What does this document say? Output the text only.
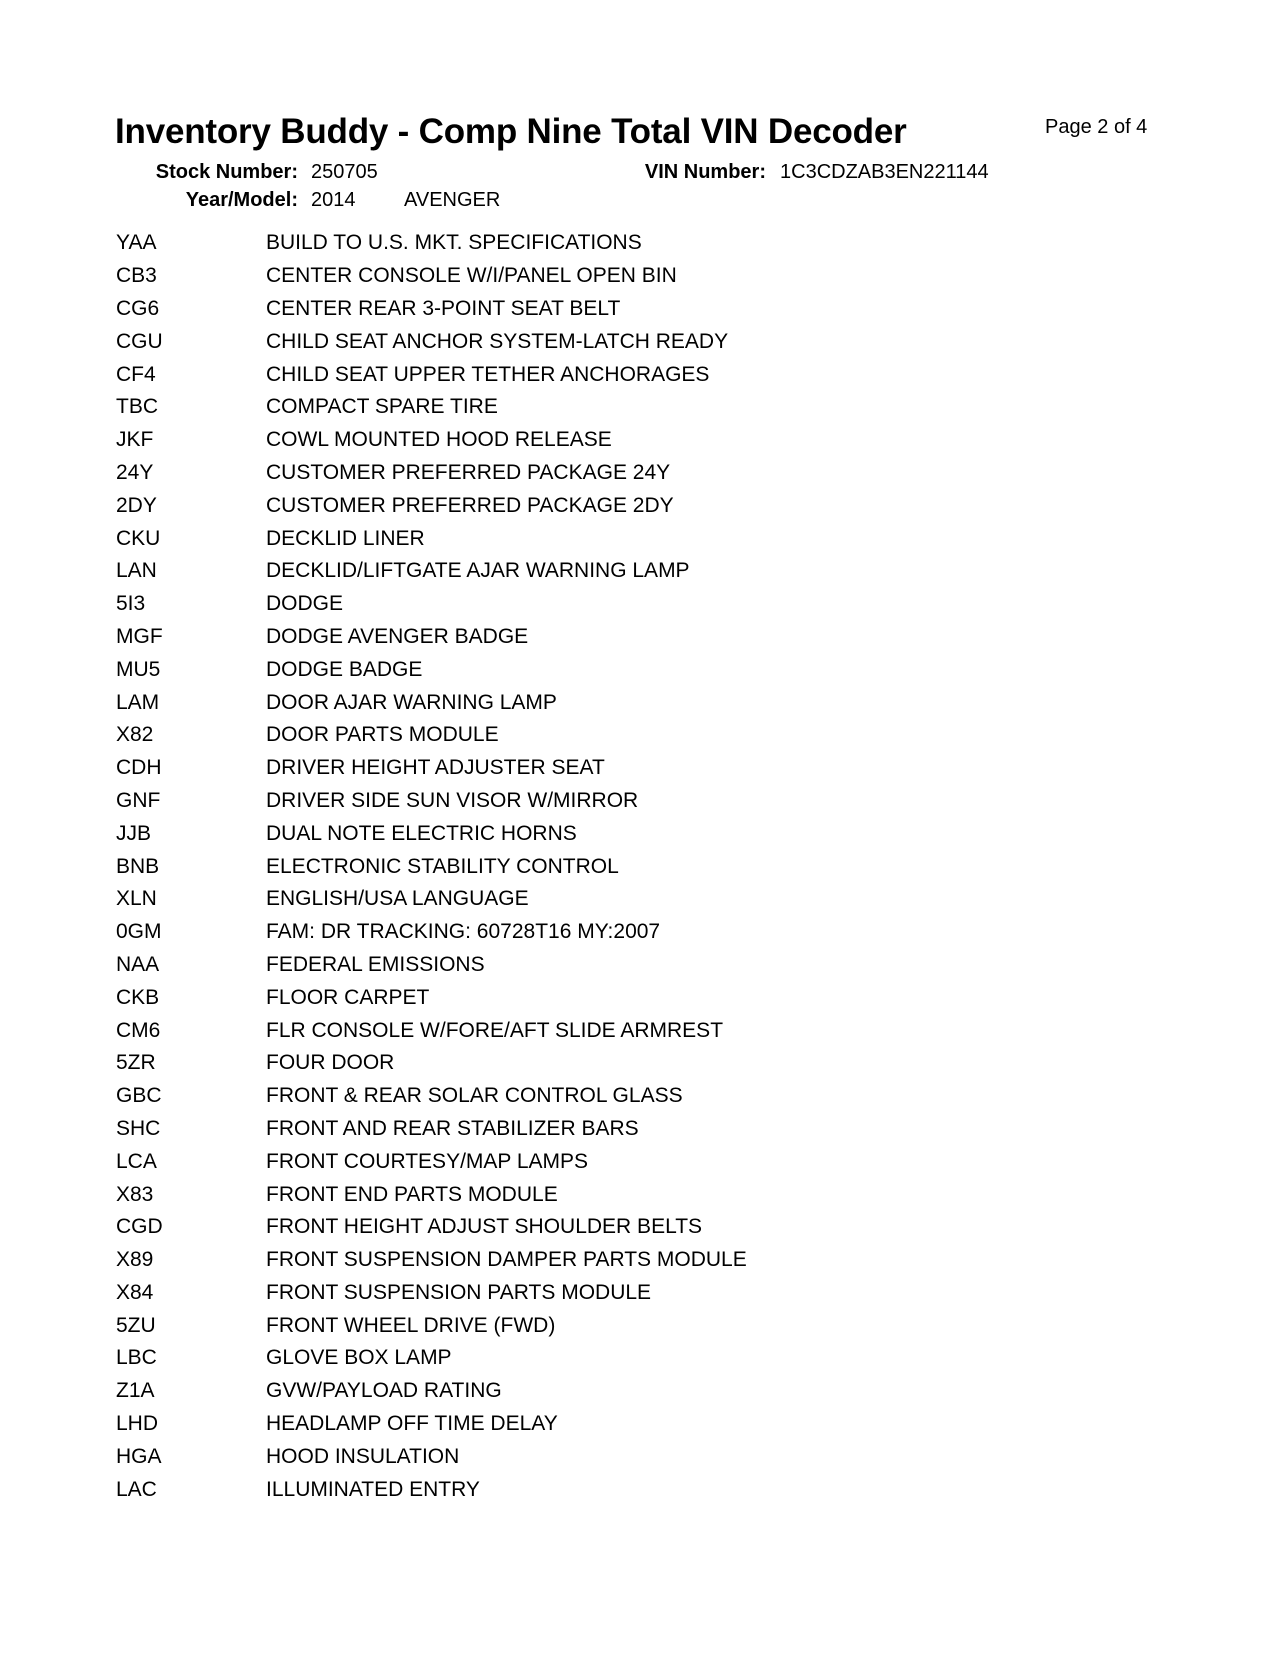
Inventory Buddy - Comp Nine Total VIN Decoder	Page 2 of 4
Stock Number: 250705	VIN Number: 1C3CDZAB3EN221144
Year/Model: 2014 AVENGER
YAA	BUILD TO U.S. MKT. SPECIFICATIONS
CB3	CENTER CONSOLE W/I/PANEL OPEN BIN
CG6	CENTER REAR 3-POINT SEAT BELT
CGU	CHILD SEAT ANCHOR SYSTEM-LATCH READY
CF4	CHILD SEAT UPPER TETHER ANCHORAGES
TBC	COMPACT SPARE TIRE
JKF	COWL MOUNTED HOOD RELEASE
24Y	CUSTOMER PREFERRED PACKAGE 24Y
2DY	CUSTOMER PREFERRED PACKAGE 2DY
CKU	DECKLID LINER
LAN	DECKLID/LIFTGATE AJAR WARNING LAMP
5I3	DODGE
MGF	DODGE AVENGER BADGE
MU5	DODGE BADGE
LAM	DOOR AJAR WARNING LAMP
X82	DOOR PARTS MODULE
CDH	DRIVER HEIGHT ADJUSTER SEAT
GNF	DRIVER SIDE SUN VISOR W/MIRROR
JJB	DUAL NOTE ELECTRIC HORNS
BNB	ELECTRONIC STABILITY CONTROL
XLN	ENGLISH/USA LANGUAGE
0GM	FAM: DR TRACKING: 60728T16 MY:2007
NAA	FEDERAL EMISSIONS
CKB	FLOOR CARPET
CM6	FLR CONSOLE W/FORE/AFT SLIDE ARMREST
5ZR	FOUR DOOR
GBC	FRONT & REAR SOLAR CONTROL GLASS
SHC	FRONT AND REAR STABILIZER BARS
LCA	FRONT COURTESY/MAP LAMPS
X83	FRONT END PARTS MODULE
CGD	FRONT HEIGHT ADJUST SHOULDER BELTS
X89	FRONT SUSPENSION DAMPER PARTS MODULE
X84	FRONT SUSPENSION PARTS MODULE
5ZU	FRONT WHEEL DRIVE (FWD)
LBC	GLOVE BOX LAMP
Z1A	GVW/PAYLOAD RATING
LHD	HEADLAMP OFF TIME DELAY
HGA	HOOD INSULATION
LAC	ILLUMINATED ENTRY
